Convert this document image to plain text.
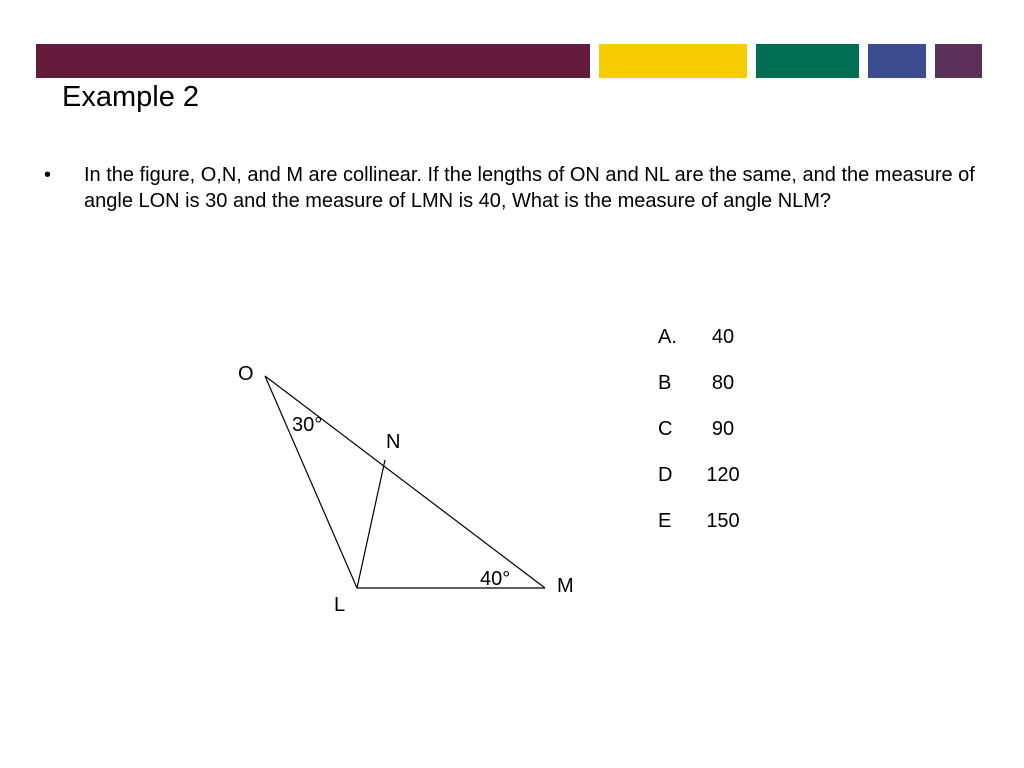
Example 2
• In the figure, O,N, and M are collinear. If the lengths of ON and NL are the same, and the measure of angle LON is 30 and the measure of LMN is 40, What is the measure of angle NLM?
O
N
L
M
30°
40°
A.	40
B	80
C	90
D	120
E	150
